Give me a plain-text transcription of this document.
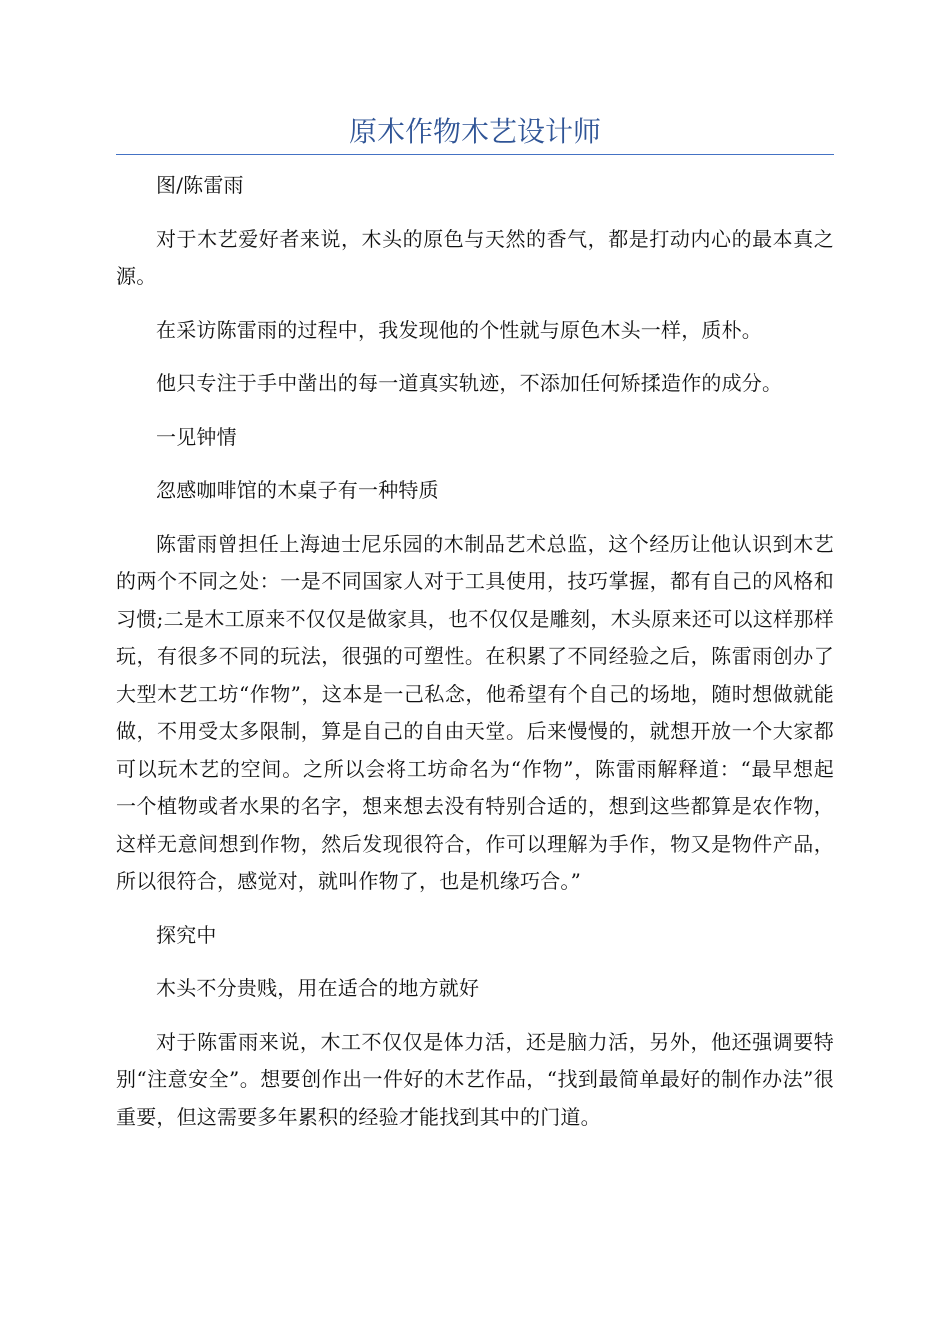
原木作物木艺设计师

图/陈雷雨

对于木艺爱好者来说，木头的原色与天然的香气，都是打动内心的最本真之源。

在采访陈雷雨的过程中，我发现他的个性就与原色木头一样，质朴。

他只专注于手中凿出的每一道真实轨迹，不添加任何矫揉造作的成分。

一见钟情

忽感咖啡馆的木桌子有一种特质

陈雷雨曾担任上海迪士尼乐园的木制品艺术总监，这个经历让他认识到木艺的两个不同之处：一是不同国家人对于工具使用，技巧掌握，都有自己的风格和习惯;二是木工原来不仅仅是做家具，也不仅仅是雕刻，木头原来还可以这样那样玩，有很多不同的玩法，很强的可塑性。在积累了不同经验之后，陈雷雨创办了大型木艺工坊“作物”，这本是一己私念，他希望有个自己的场地，随时想做就能做，不用受太多限制，算是自己的自由天堂。后来慢慢的，就想开放一个大家都可以玩木艺的空间。之所以会将工坊命名为“作物”，陈雷雨解释道：“最早想起一个植物或者水果的名字，想来想去没有特别合适的，想到这些都算是农作物，这样无意间想到作物，然后发现很符合，作可以理解为手作，物又是物件产品，所以很符合，感觉对，就叫作物了，也是机缘巧合。”

探究中

木头不分贵贱，用在适合的地方就好

对于陈雷雨来说，木工不仅仅是体力活，还是脑力活，另外，他还强调要特别“注意安全”。想要创作出一件好的木艺作品，“找到最简单最好的制作办法”很重要，但这需要多年累积的经验才能找到其中的门道。
